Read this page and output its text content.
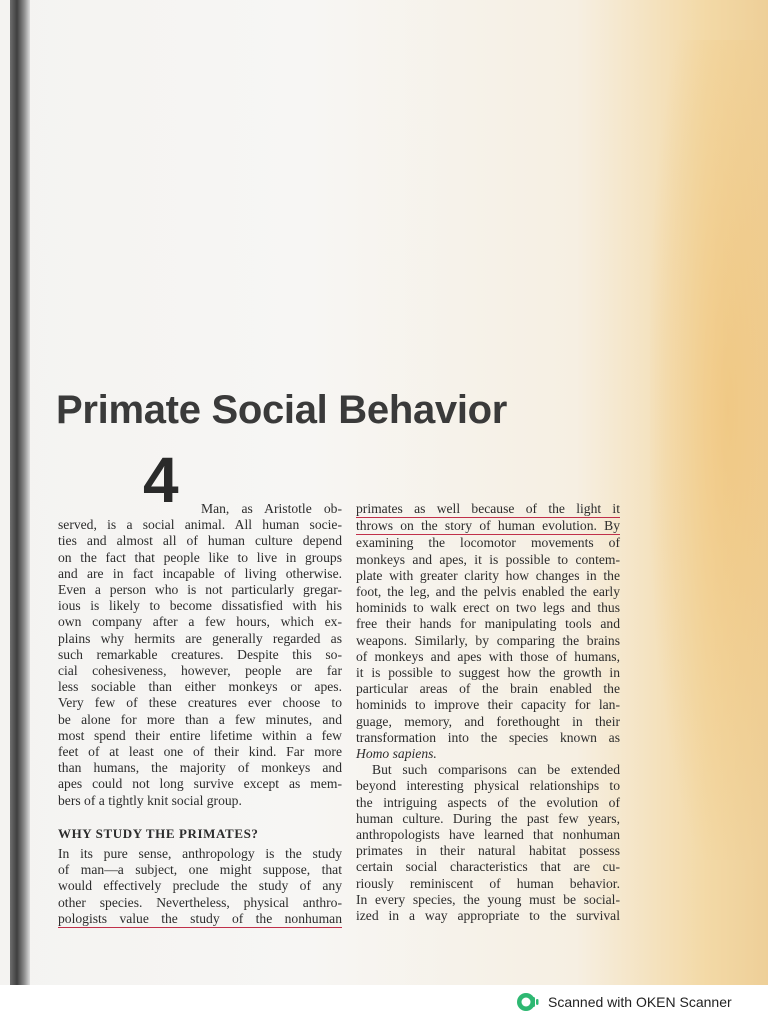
Primate Social Behavior
4	Man, as Aristotle ob-
served, is a social animal. All human socie-
ties and almost all of human culture depend
on the fact that people like to live in groups
and are in fact incapable of living otherwise.
Even a person who is not particularly gregar-
ious is likely to become dissatisfied with his
own company after a few hours, which ex-
plains why hermits are generally regarded as
such remarkable creatures. Despite this so-
cial cohesiveness, however, people are far
less sociable than either monkeys or apes.
Very few of these creatures ever choose to
be alone for more than a few minutes, and
most spend their entire lifetime within a few
feet of at least one of their kind. Far more
than humans, the majority of monkeys and
apes could not long survive except as mem-
bers of a tightly knit social group.
WHY STUDY THE PRIMATES?
In its pure sense, anthropology is the study
of man—a subject, one might suppose, that
would effectively preclude the study of any
other species. Nevertheless, physical anthro-
pologists value the study of the nonhuman
primates as well because of the light it
throws on the story of human evolution. By
examining the locomotor movements of
monkeys and apes, it is possible to contem-
plate with greater clarity how changes in the
foot, the leg, and the pelvis enabled the early
hominids to walk erect on two legs and thus
free their hands for manipulating tools and
weapons. Similarly, by comparing the brains
of monkeys and apes with those of humans,
it is possible to suggest how the growth in
particular areas of the brain enabled the
hominids to improve their capacity for lan-
guage, memory, and forethought in their
transformation into the species known as
Homo sapiens.
But such comparisons can be extended
beyond interesting physical relationships to
the intriguing aspects of the evolution of
human culture. During the past few years,
anthropologists have learned that nonhuman
primates in their natural habitat possess
certain social characteristics that are cu-
riously reminiscent of human behavior.
In every species, the young must be social-
ized in a way appropriate to the survival
Scanned with OKEN Scanner
